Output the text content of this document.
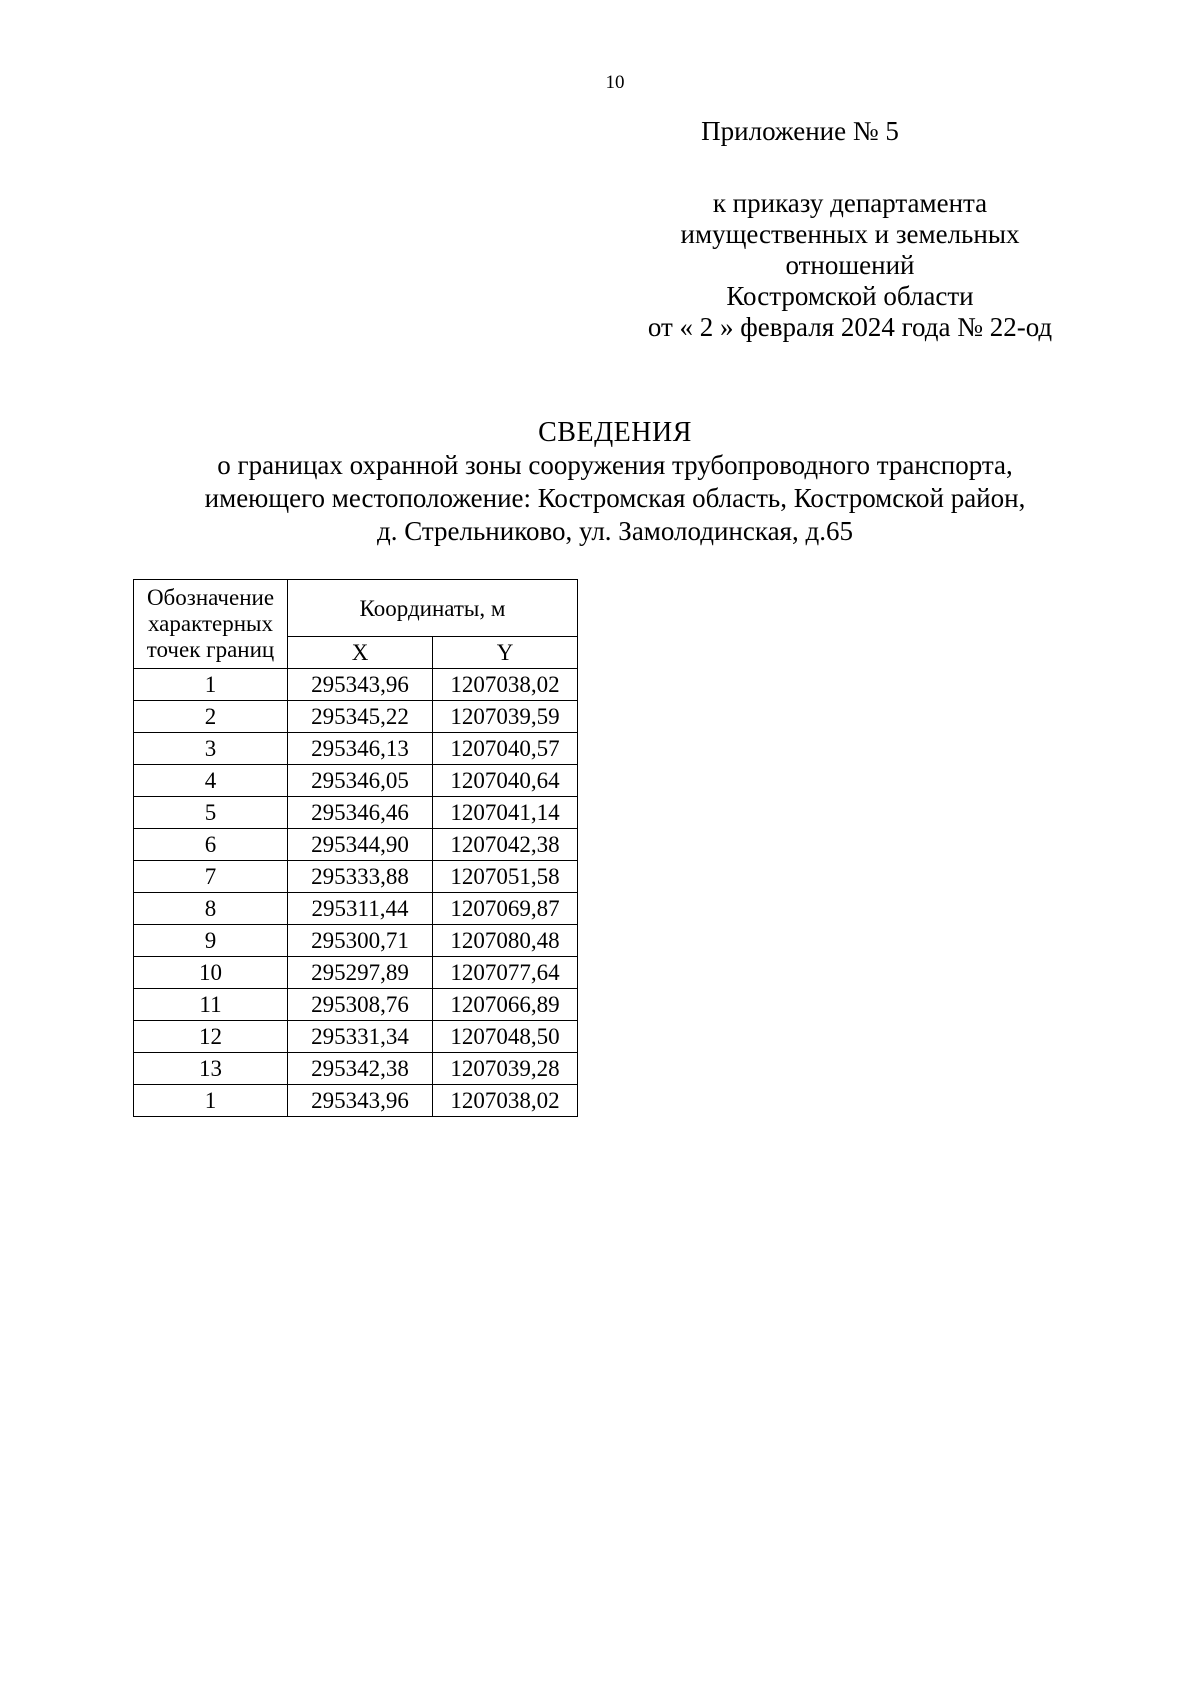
10
Приложение № 5
к приказу департамента
имущественных и земельных
отношений
Костромской области
от « 2 » февраля 2024 года № 22-од
СВЕДЕНИЯ
о границах охранной зоны сооружения трубопроводного транспорта,
имеющего местоположение: Костромская область, Костромской район,
д. Стрельниково, ул. Замолодинская, д.65
Обозначение
характерных
точек границ	Координаты, м	
	X	Y
1	295343,96	1207038,02
2	295345,22	1207039,59
3	295346,13	1207040,57
4	295346,05	1207040,64
5	295346,46	1207041,14
6	295344,90	1207042,38
7	295333,88	1207051,58
8	295311,44	1207069,87
9	295300,71	1207080,48
10	295297,89	1207077,64
11	295308,76	1207066,89
12	295331,34	1207048,50
13	295342,38	1207039,28
1	295343,96	1207038,02
